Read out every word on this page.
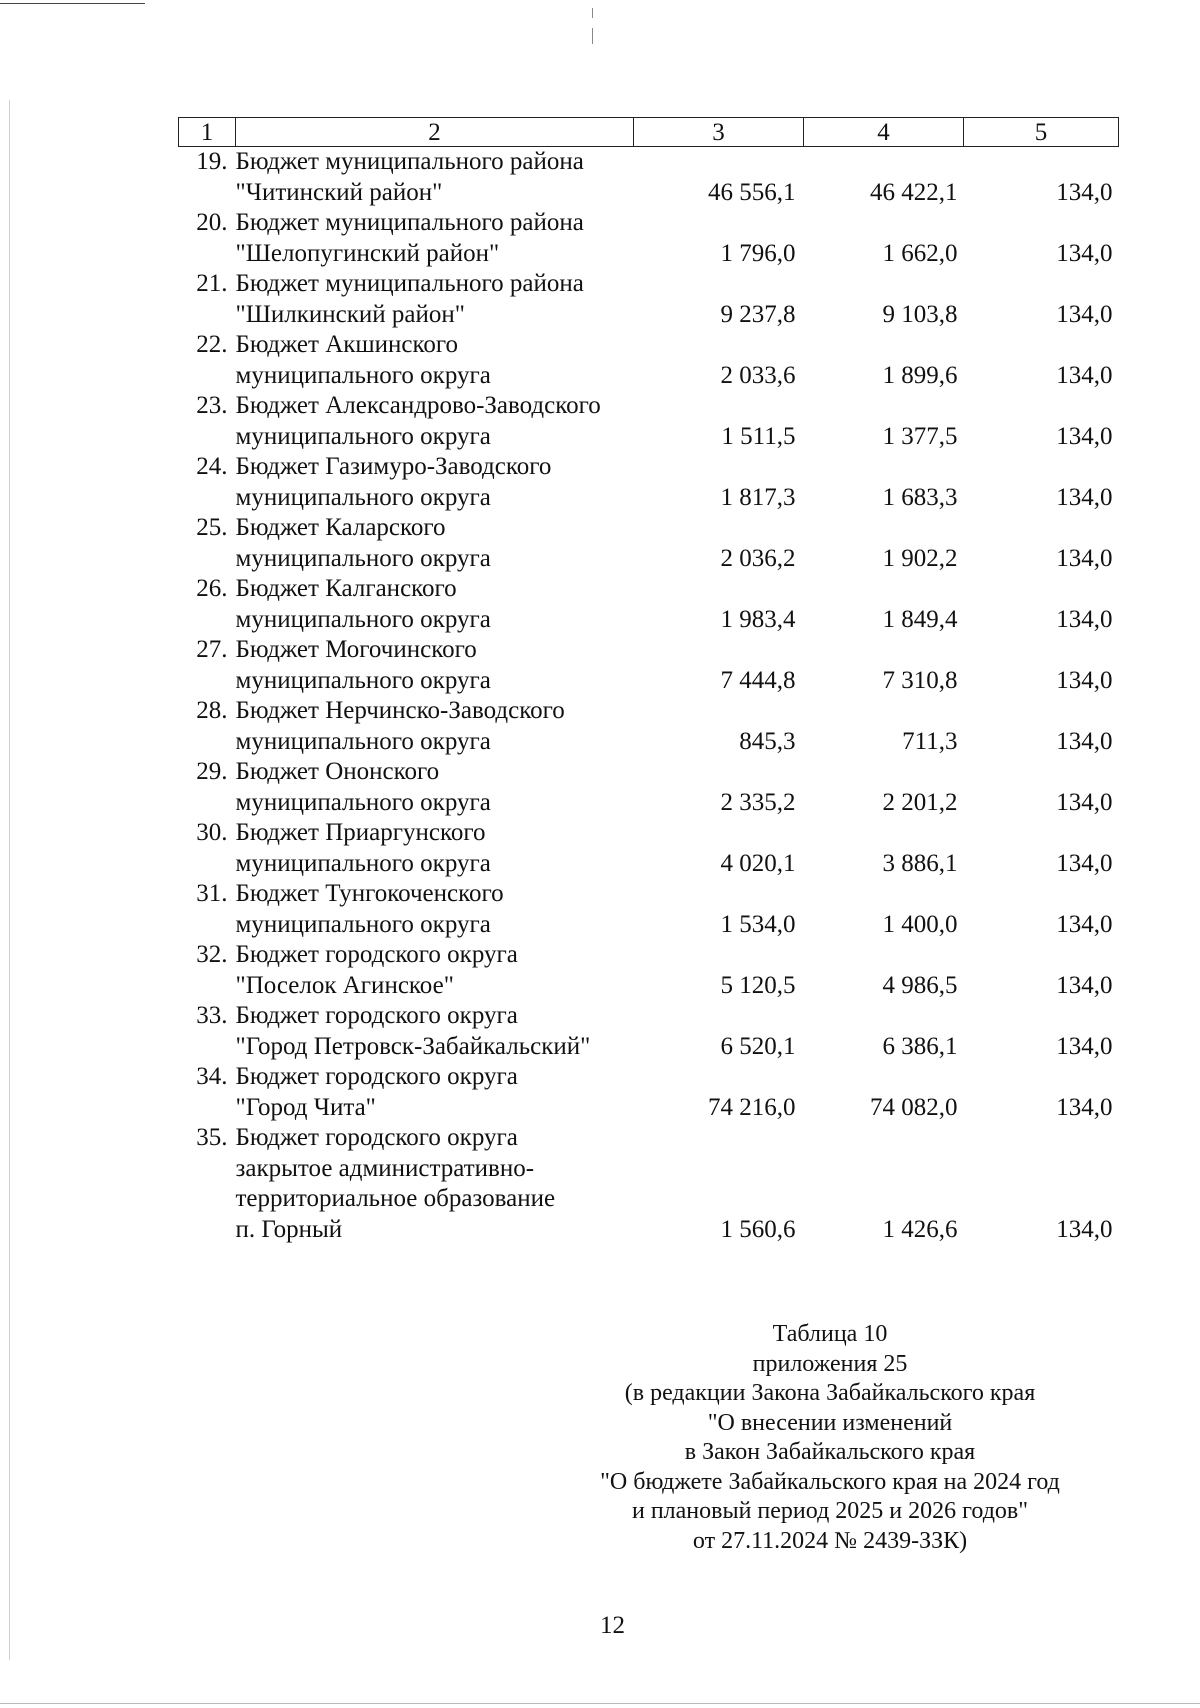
1	2	3	4	5
19.	Бюджет муниципального района
"Читинский район"	46 556,1	46 422,1	134,0
20.	Бюджет муниципального района
"Шелопугинский район"	1 796,0	1 662,0	134,0
21.	Бюджет муниципального района
"Шилкинский район"	9 237,8	9 103,8	134,0
22.	Бюджет Акшинского
муниципального округа	2 033,6	1 899,6	134,0
23.	Бюджет Александрово-Заводского
муниципального округа	1 511,5	1 377,5	134,0
24.	Бюджет Газимуро-Заводского
муниципального округа	1 817,3	1 683,3	134,0
25.	Бюджет Каларского
муниципального округа	2 036,2	1 902,2	134,0
26.	Бюджет Калганского
муниципального округа	1 983,4	1 849,4	134,0
27.	Бюджет Могочинского
муниципального округа	7 444,8	7 310,8	134,0
28.	Бюджет Нерчинско-Заводского
муниципального округа	845,3	711,3	134,0
29.	Бюджет Ононского
муниципального округа	2 335,2	2 201,2	134,0
30.	Бюджет Приаргунского
муниципального округа	4 020,1	3 886,1	134,0
31.	Бюджет Тунгокоченского
муниципального округа	1 534,0	1 400,0	134,0
32.	Бюджет городского округа
"Поселок Агинское"	5 120,5	4 986,5	134,0
33.	Бюджет городского округа
"Город Петровск-Забайкальский"	6 520,1	6 386,1	134,0
34.	Бюджет городского округа
"Город Чита"	74 216,0	74 082,0	134,0
35.	Бюджет городского округа
закрытое административно-
территориальное образование
п. Горный	1 560,6	1 426,6	134,0
Таблица 10
приложения 25
(в редакции Закона Забайкальского края
"О внесении изменений
в Закон Забайкальского края
"О бюджете Забайкальского края на 2024 год
и плановый период 2025 и 2026 годов"
от 27.11.2024 № 2439-ЗЗК)
12
